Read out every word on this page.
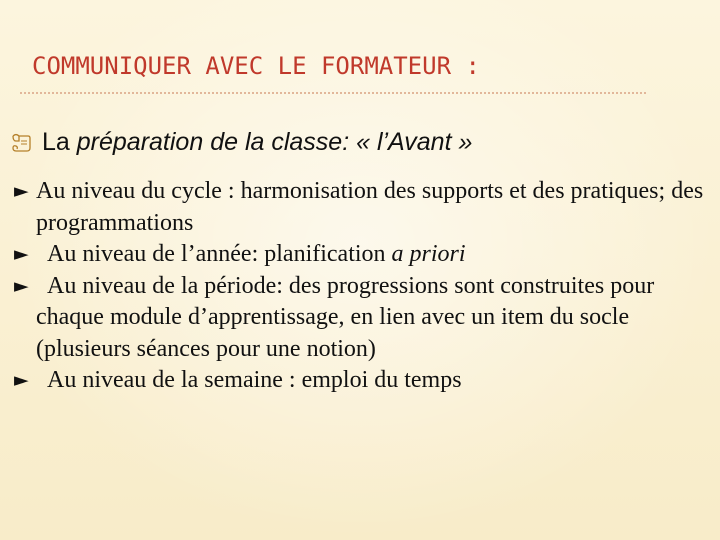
COMMUNIQUER AVEC LE FORMATEUR :
La préparation de la classe: « l’Avant »
► Au niveau du cycle : harmonisation des supports et des pratiques; des programmations
► Au niveau de l’année: planification a priori
► Au niveau de la période: des progressions sont construites pour chaque module d’apprentissage, en lien avec un item du socle (plusieurs séances pour une notion)
► Au niveau de la semaine : emploi du temps
